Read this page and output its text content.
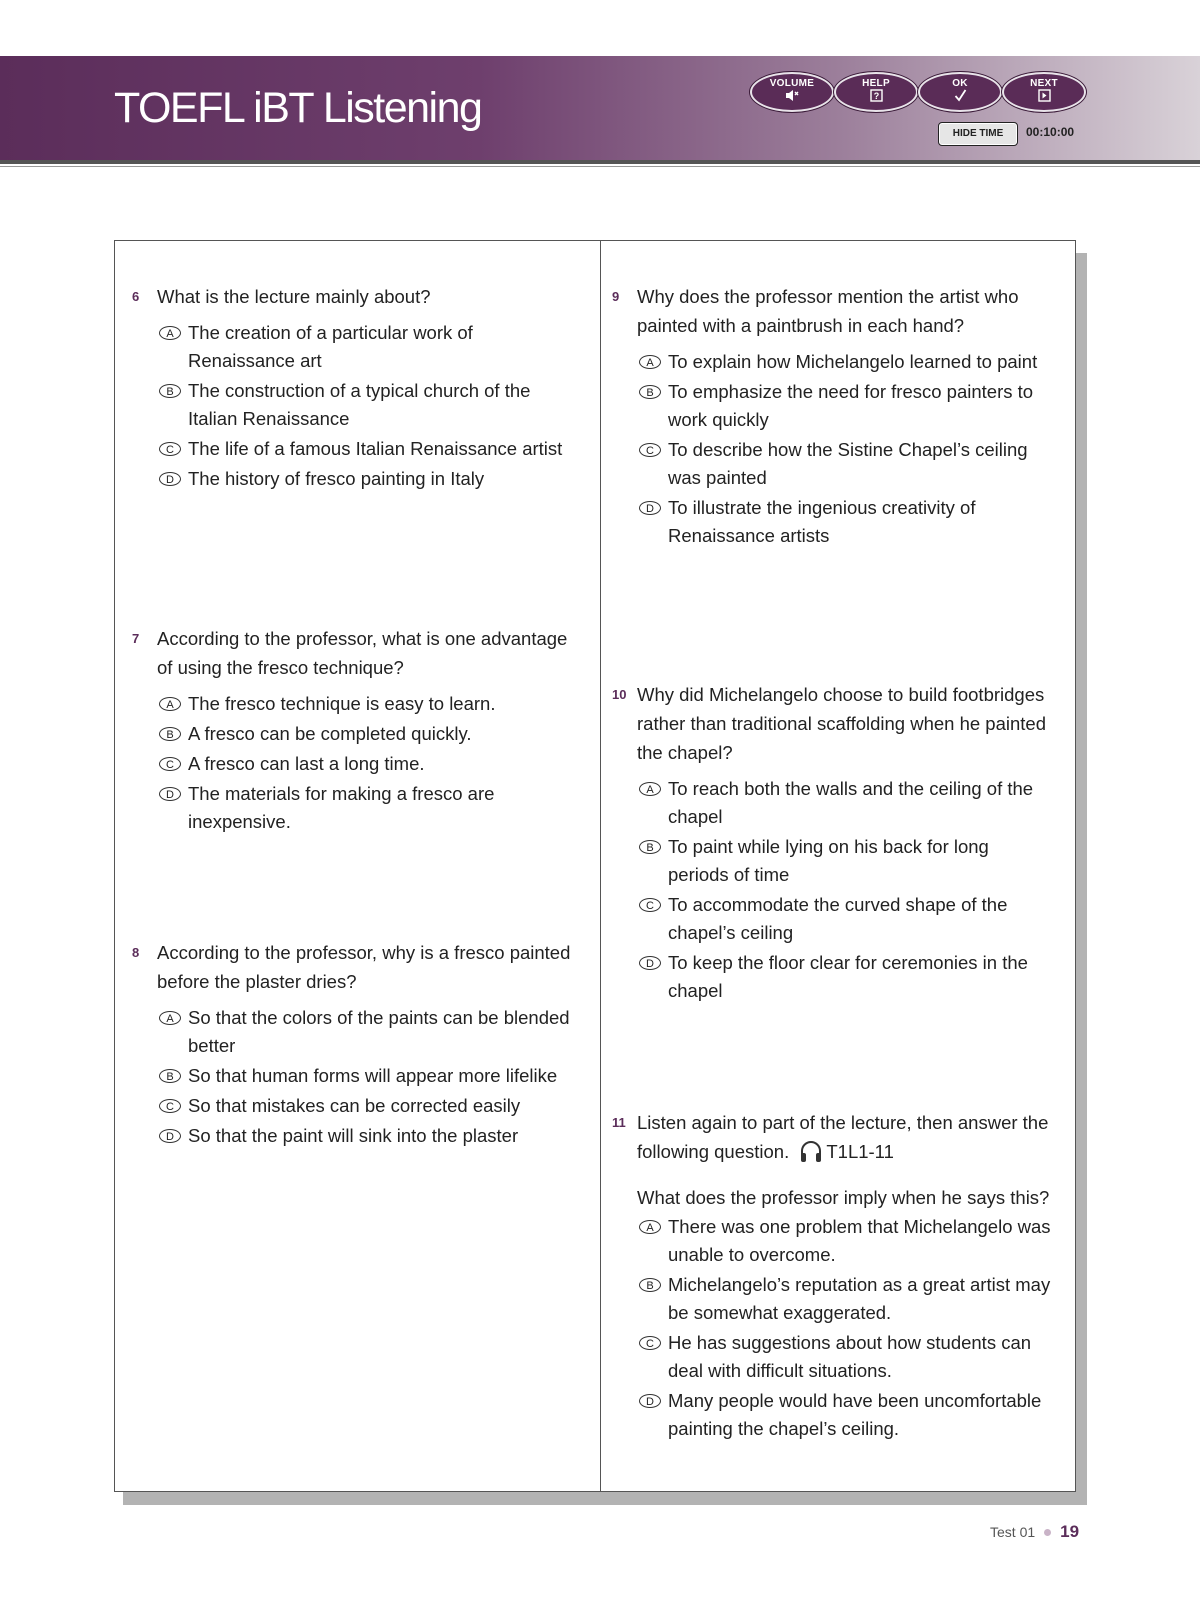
TOEFL iBT Listening
VOLUME	HELP
?
OK	NEXT
HIDE TIME	00:10:00
6 What is the lecture mainly about?
A The creation of a particular work of Renaissance art
B The construction of a typical church of the Italian Renaissance
C The life of a famous Italian Renaissance artist
D The history of fresco painting in Italy
7 According to the professor, what is one advantage of using the fresco technique?
A The fresco technique is easy to learn.
B A fresco can be completed quickly.
C A fresco can last a long time.
D The materials for making a fresco are inexpensive.
8 According to the professor, why is a fresco painted before the plaster dries?
A So that the colors of the paints can be blended better
B So that human forms will appear more lifelike
C So that mistakes can be corrected easily
D So that the paint will sink into the plaster
9 Why does the professor mention the artist who painted with a paintbrush in each hand?
A To explain how Michelangelo learned to paint
B To emphasize the need for fresco painters to work quickly
C To describe how the Sistine Chapel’s ceiling was painted
D To illustrate the ingenious creativity of Renaissance artists
10 Why did Michelangelo choose to build footbridges rather than traditional scaffolding when he painted the chapel?
A To reach both the walls and the ceiling of the chapel
B To paint while lying on his back for long periods of time
C To accommodate the curved shape of the chapel’s ceiling
D To keep the floor clear for ceremonies in the chapel
11 Listen again to part of the lecture, then answer the following question. T1L1-11
What does the professor imply when he says this?
A There was one problem that Michelangelo was unable to overcome.
B Michelangelo’s reputation as a great artist may be somewhat exaggerated.
C He has suggestions about how students can deal with difficult situations.
D Many people would have been uncomfortable painting the chapel’s ceiling.
Test 01 19
